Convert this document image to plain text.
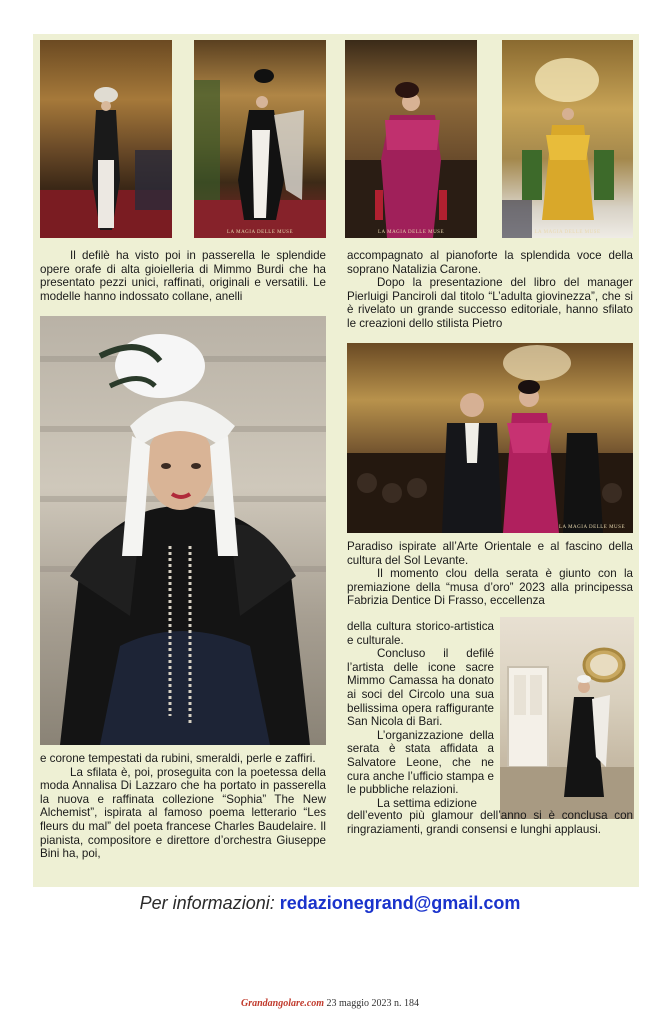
LA MAGIA DELLE MUSE	LA MAGIA DELLE MUSE	LA MAGIA DELLE MUSE
LA MAGIA DELLE MUSE

Il defilè ha visto poi in passerella le splendide opere orafe di alta gioielleria di Mimmo Burdi che ha presentato pezzi unici, raffinati, originali e versatili. Le modelle hanno indossato collane, anelli

accompagnato al pianoforte la splendida voce della soprano Natalizia Carone.

Dopo la presentazione del libro del manager Pierluigi Panciroli dal titolo “L’adulta giovinezza”, che si è rivelato un grande successo editoriale, hanno sfilato le creazioni dello stilista Pietro

e corone tempestati da rubini, smeraldi, perle e zaffiri.

La sfilata è, poi, proseguita con la poetessa della moda Annalisa Di Lazzaro che ha portato in passerella la nuova e raffinata collezione “Sophia” The New Alchemist”, ispirata al famoso poema letterario “Les fleurs du mal” del poeta francese Charles Baudelaire. Il pianista, compositore e direttore d’orchestra Giuseppe Bini ha, poi,

Paradiso ispirate all’Arte Orientale e al fascino della cultura del Sol Levante.

Il momento clou della serata è giunto con la premiazione della “musa d’oro” 2023 alla principessa Fabrizia Dentice Di Frasso, eccellenza

della cultura storico-artistica e culturale.

Concluso il defilé l’artista delle icone sacre Mimmo Camassa ha donato ai soci del Circolo una sua bellissima opera raffigurante San Nicola di Bari.

L’organizzazione della serata è stata affidata a Salvatore Leone, che ne cura anche l’ufficio stampa e le pubbliche relazioni.

La settima edizione

dell’evento più glamour dell’anno si è conclusa con ringraziamenti, grandi consensi e lunghi applausi.

Per informazioni: redazionegrand@gmail.com
Grandangolare.com 23 maggio 2023 n. 184
